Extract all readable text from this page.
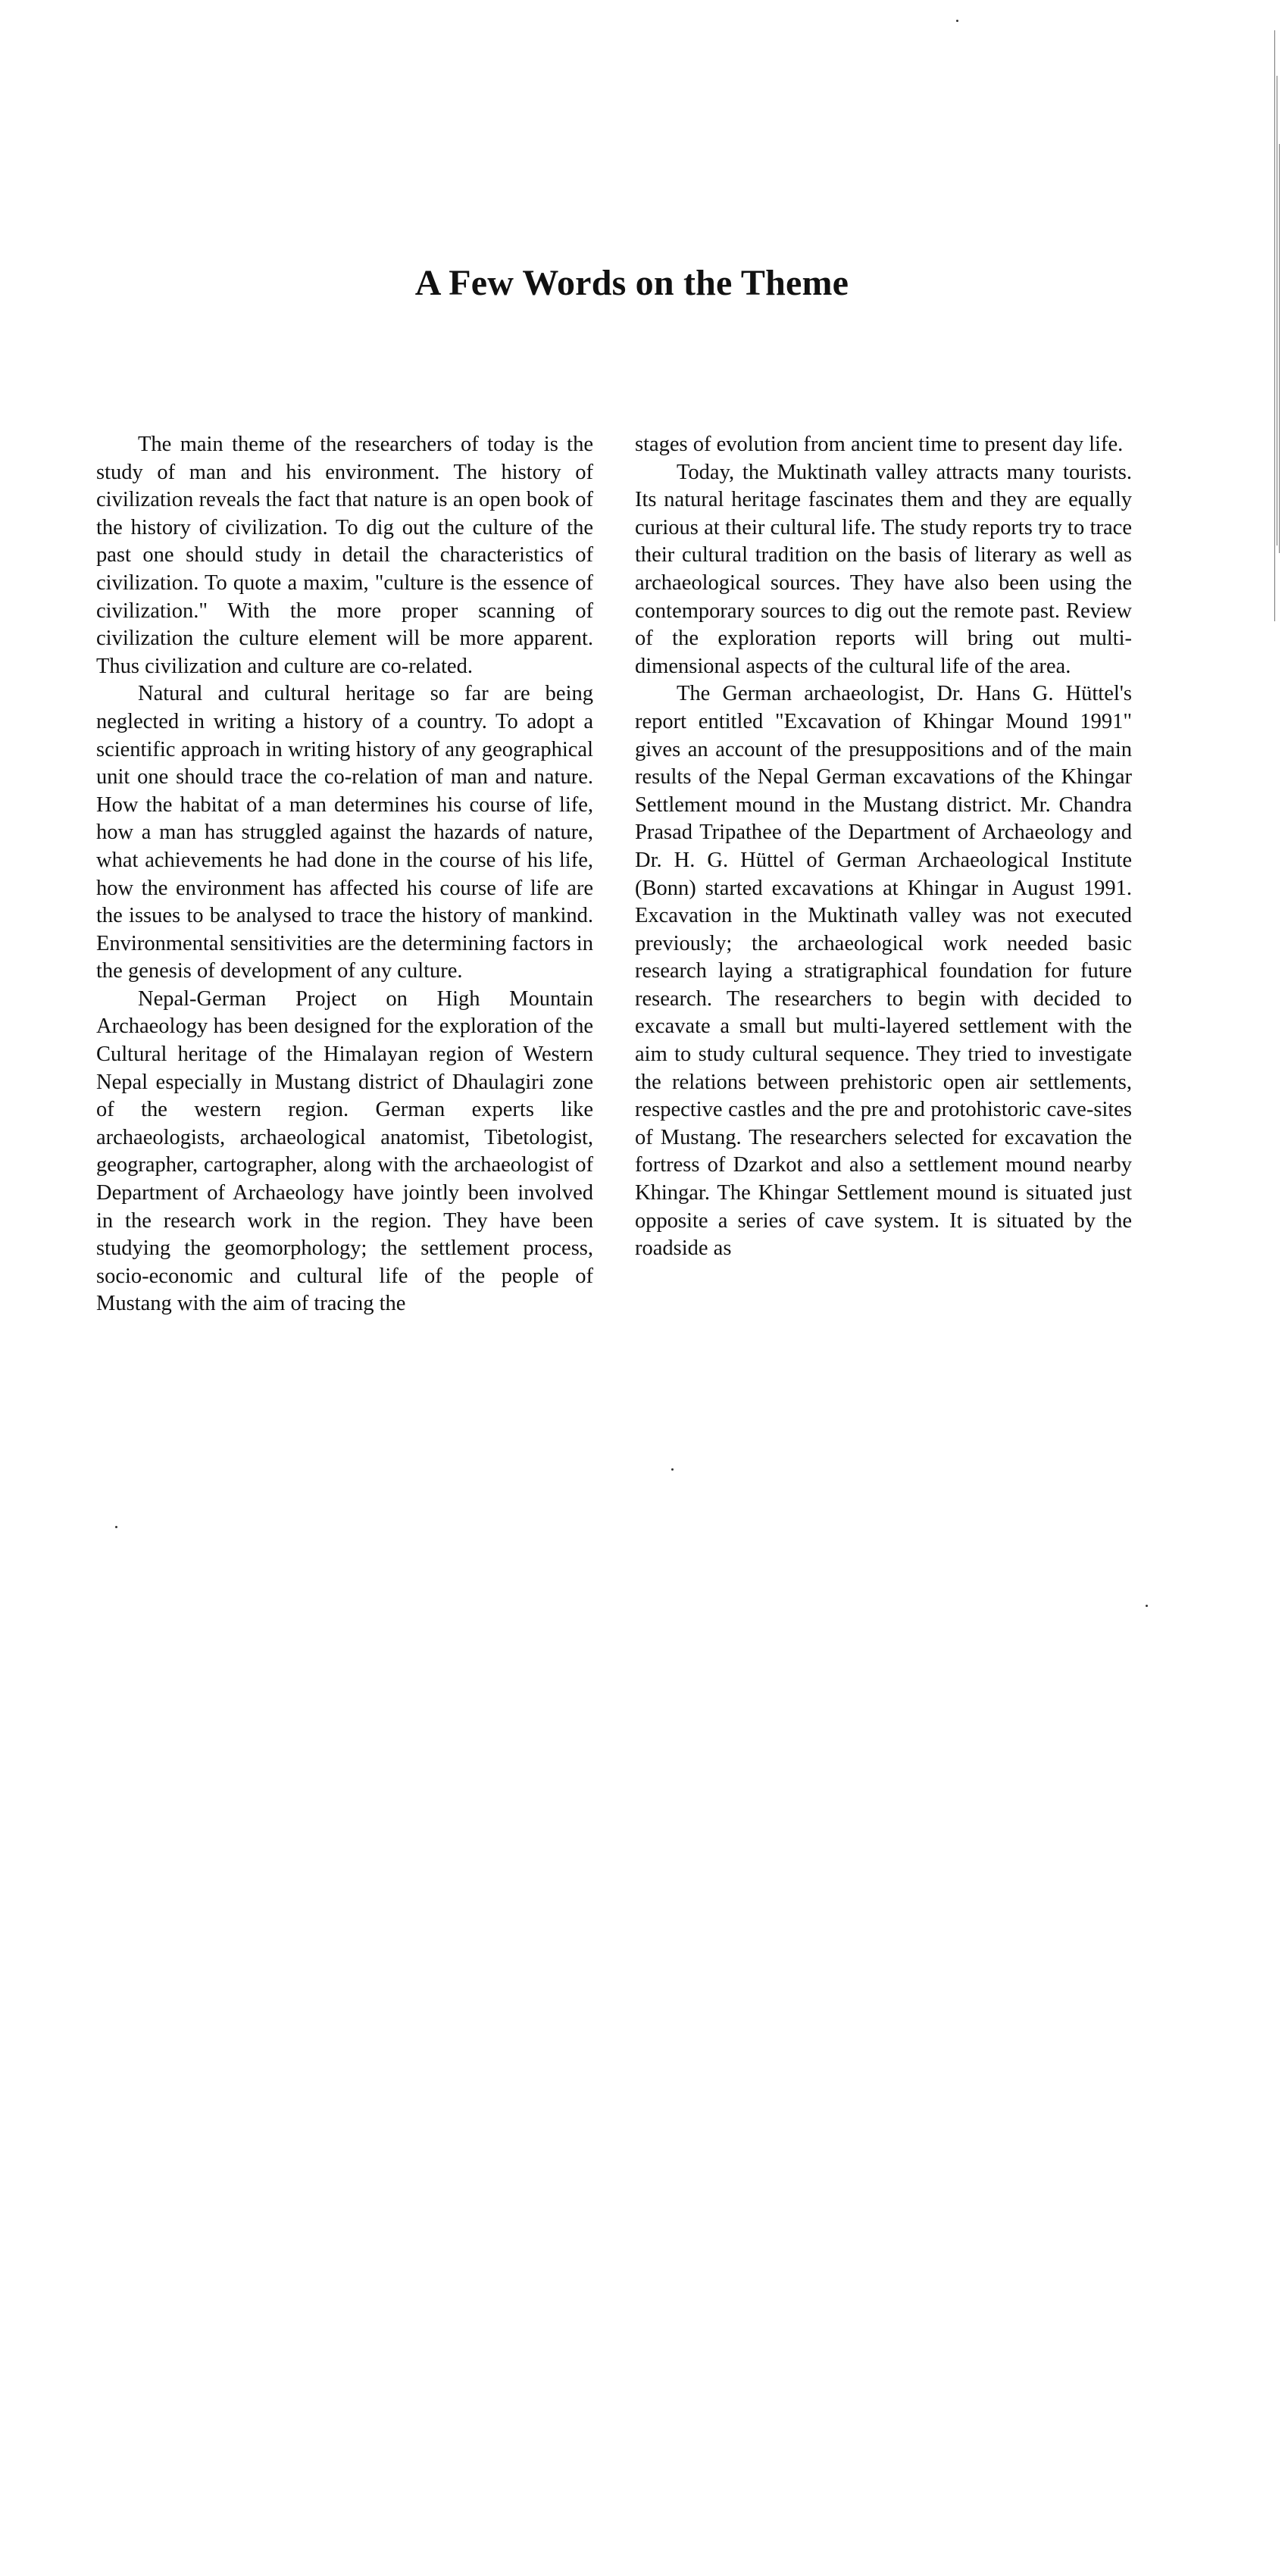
A Few Words on the Theme

The main theme of the researchers of today is the study of man and his environment. The history of civilization reveals the fact that nature is an open book of the history of civilization. To dig out the culture of the past one should study in detail the characteristics of civilization. To quote a maxim, "culture is the essence of civilization." With the more proper scanning of civilization the culture element will be more apparent. Thus civilization and culture are co-related.

Natural and cultural heritage so far are being neglected in writing a history of a country. To adopt a scientific approach in writing history of any geographical unit one should trace the co-relation of man and nature. How the habitat of a man determines his course of life, how a man has struggled against the hazards of nature, what achievements he had done in the course of his life, how the environment has affected his course of life are the issues to be analysed to trace the history of mankind. Environmental sensitivities are the determining factors in the genesis of development of any culture.

Nepal-German Project on High Mountain Archaeology has been designed for the exploration of the Cultural heritage of the Himalayan region of Western Nepal especially in Mustang district of Dhaulagiri zone of the western region. German experts like archaeologists, archaeological anatomist, Tibetologist, geographer, cartographer, along with the archaeologist of Department of Archaeology have jointly been involved in the research work in the region. They have been studying the geomorphology; the settlement process, socio-economic and cultural life of the people of Mustang with the aim of tracing the

stages of evolution from ancient time to present day life.

Today, the Muktinath valley attracts many tourists. Its natural heritage fascinates them and they are equally curious at their cultural life. The study reports try to trace their cultural tradition on the basis of literary as well as archaeological sources. They have also been using the contemporary sources to dig out the remote past. Review of the exploration reports will bring out multi-dimensional aspects of the cultural life of the area.

The German archaeologist, Dr. Hans G. Hüttel's report entitled "Excavation of Khingar Mound 1991" gives an account of the presuppositions and of the main results of the Nepal German excavations of the Khingar Settlement mound in the Mustang district. Mr. Chandra Prasad Tripathee of the Department of Archaeology and Dr. H. G. Hüttel of German Archaeological Institute (Bonn) started excavations at Khingar in August 1991. Excavation in the Muktinath valley was not executed previously; the archaeological work needed basic research laying a stratigraphical foundation for future research. The researchers to begin with decided to excavate a small but multi-layered settlement with the aim to study cultural sequence. They tried to investigate the relations between prehistoric open air settlements, respective castles and the pre and protohistoric cave-sites of Mustang. The researchers selected for excavation the fortress of Dzarkot and also a settlement mound nearby Khingar. The Khingar Settlement mound is situated just opposite a series of cave system. It is situated by the roadside as
